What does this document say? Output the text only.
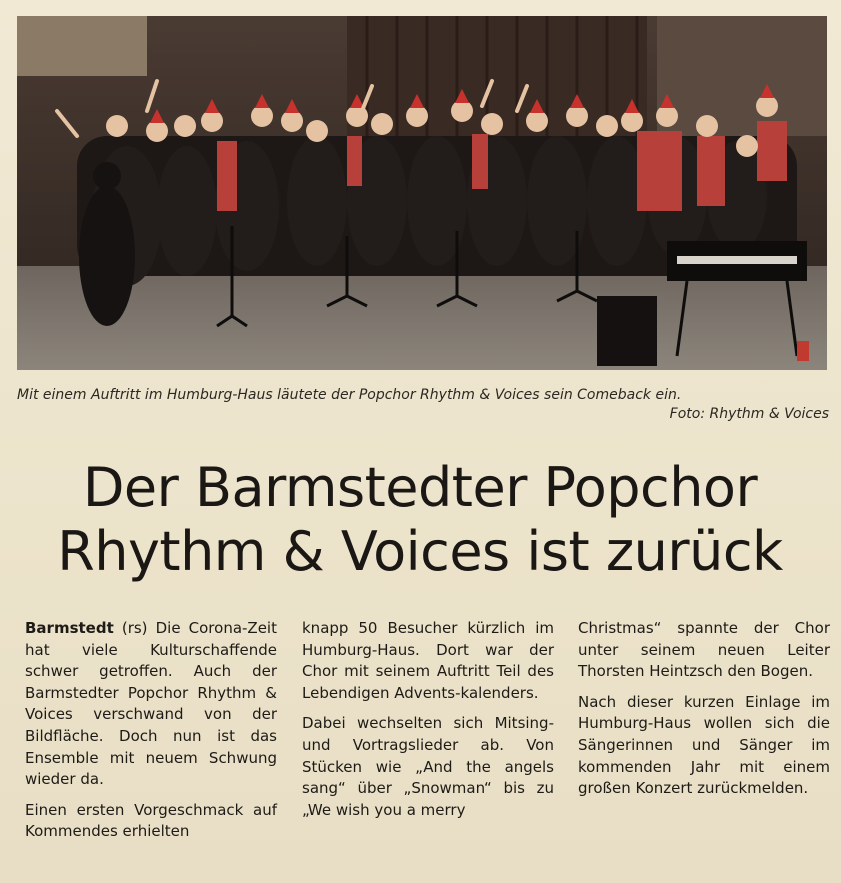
Mit einem Auftritt im Humburg-Haus läutete der Popchor Rhythm & Voices sein Comeback ein.
Foto: Rhythm & Voices
Der Barmstedter Popchor
Rhythm & Voices ist zurück

Barmstedt (rs) Die Corona-Zeit hat viele Kulturschaffende schwer getroffen. Auch der Barmstedter Popchor Rhythm & Voices verschwand von der Bildfläche. Doch nun ist das Ensemble mit neuem Schwung wieder da.

Einen ersten Vorgeschmack auf Kommendes erhielten

knapp 50 Besucher kürzlich im Humburg-Haus. Dort war der Chor mit seinem Auftritt Teil des Lebendigen Advents-kalenders.

Dabei wechselten sich Mitsing- und Vortragslieder ab. Von Stücken wie „And the angels sang“ über „Snowman“ bis zu „We wish you a merry

Christmas“ spannte der Chor unter seinem neuen Leiter Thorsten Heintzsch den Bogen.

Nach dieser kurzen Einlage im Humburg-Haus wollen sich die Sängerinnen und Sänger im kommenden Jahr mit einem großen Konzert zurückmelden.
